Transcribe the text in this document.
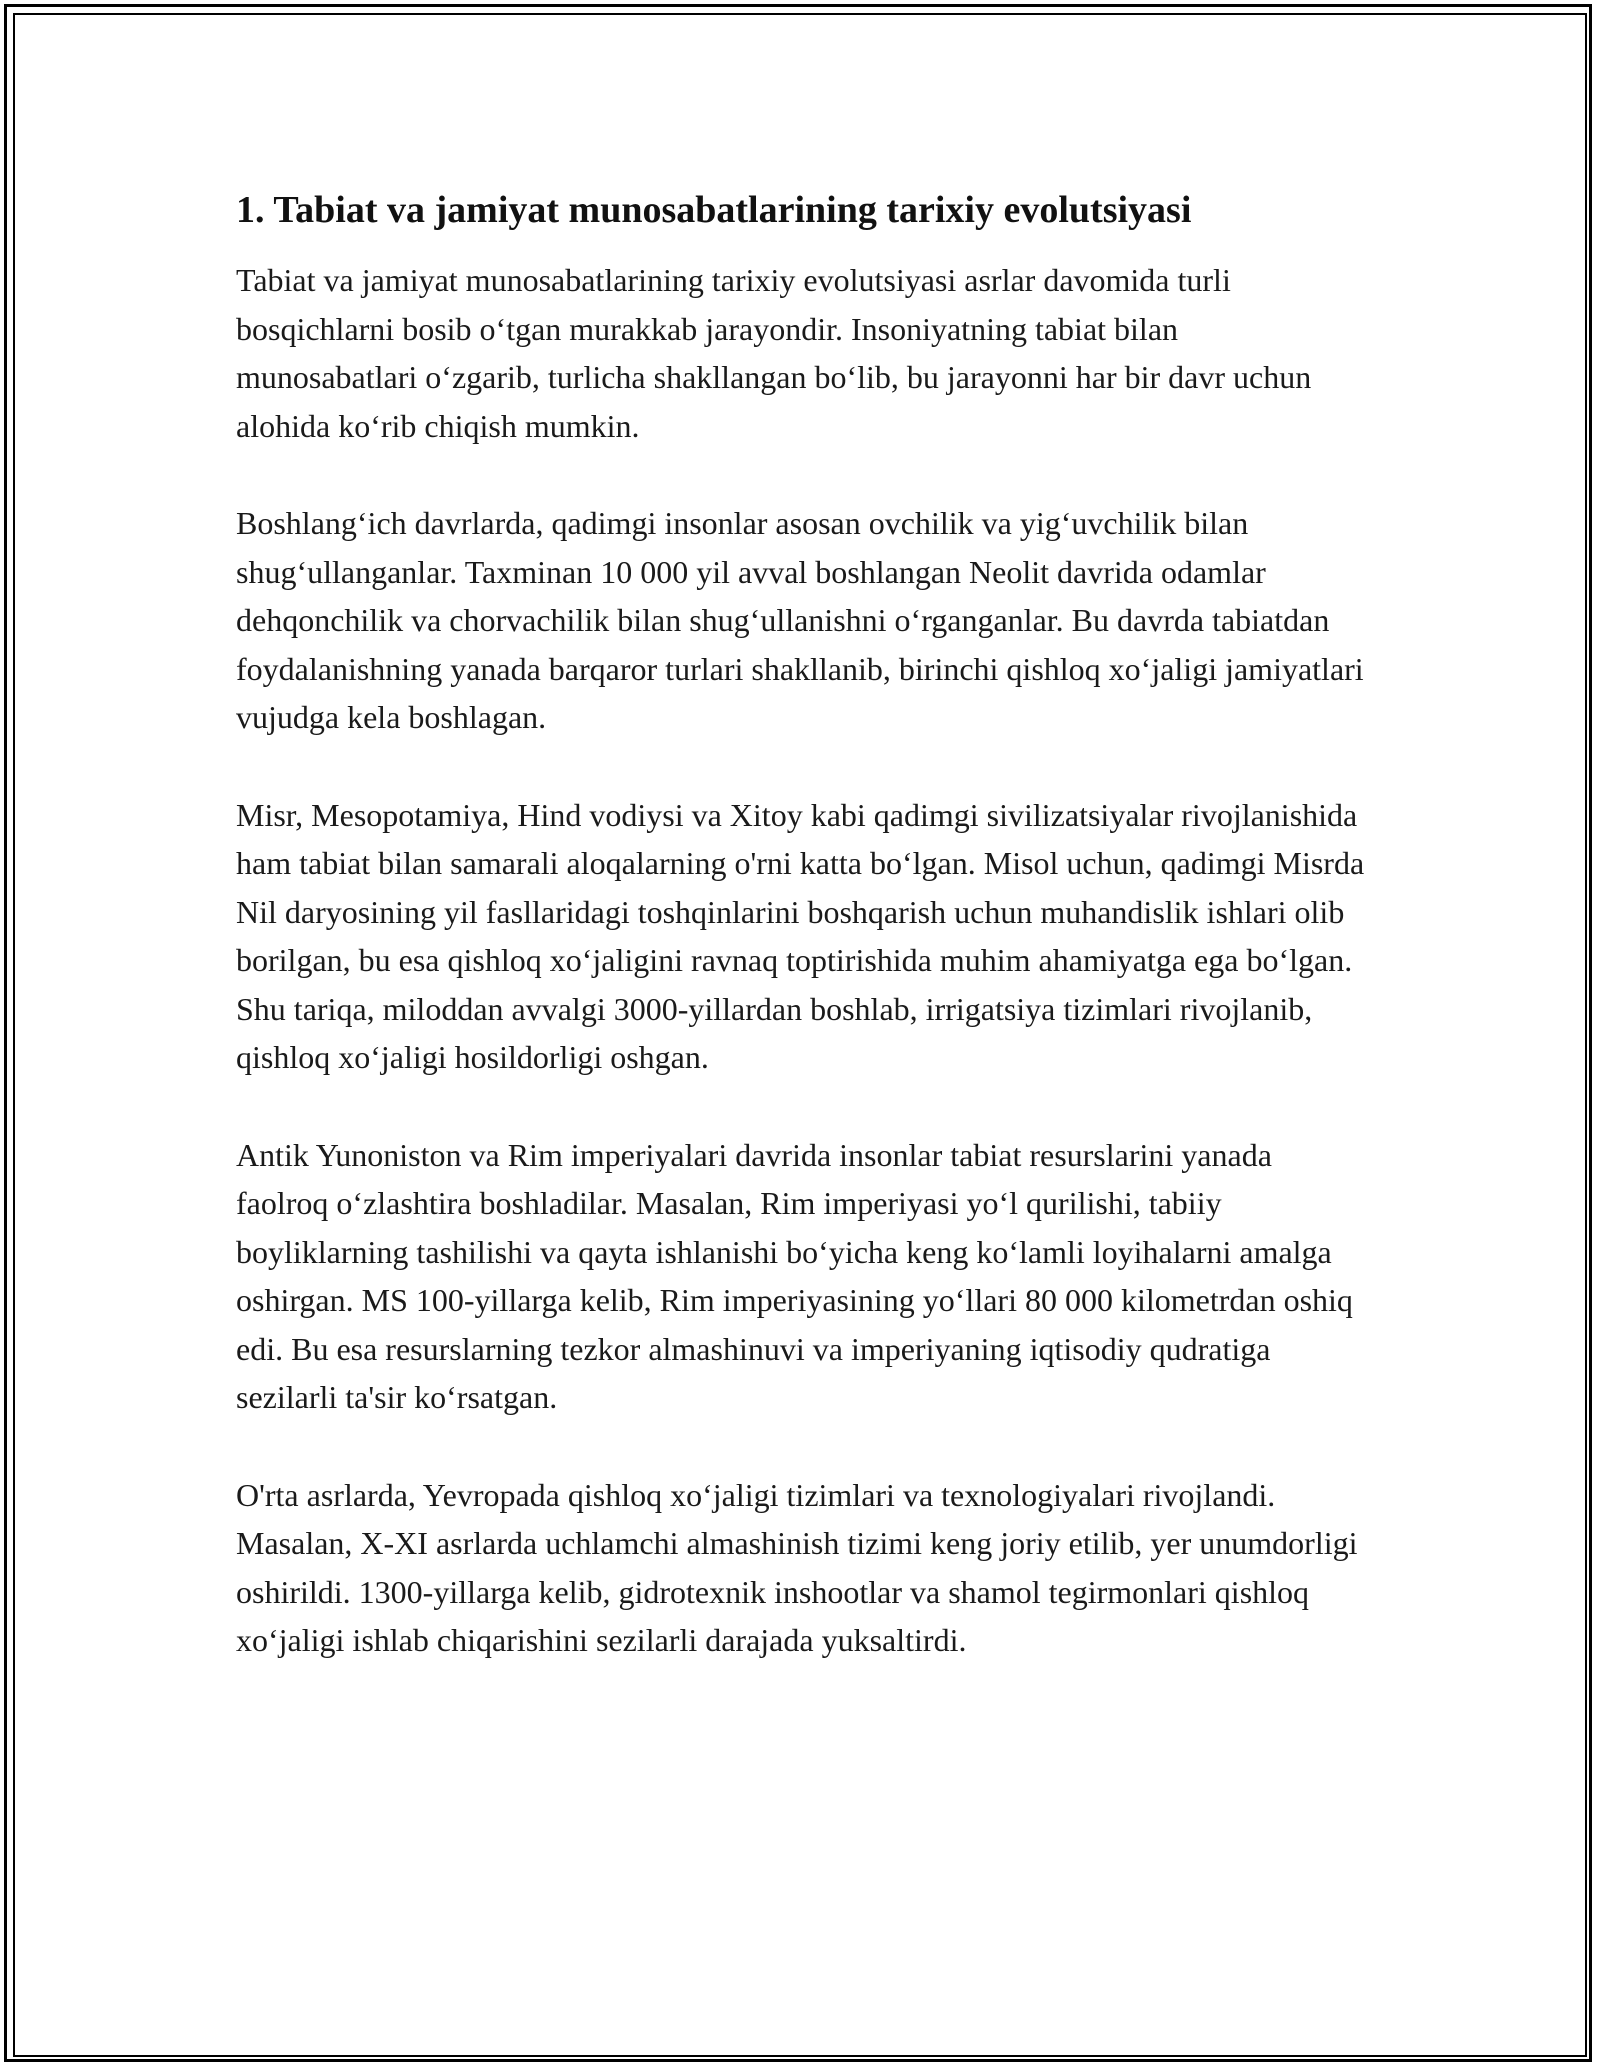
1. Tabiat va jamiyat munosabatlarining tarixiy evolutsiyasi

Tabiat va jamiyat munosabatlarining tarixiy evolutsiyasi asrlar davomida turli bosqichlarni bosib o‘tgan murakkab jarayondir. Insoniyatning tabiat bilan munosabatlari o‘zgarib, turlicha shakllangan bo‘lib, bu jarayonni har bir davr uchun alohida ko‘rib chiqish mumkin.

Boshlang‘ich davrlarda, qadimgi insonlar asosan ovchilik va yig‘uvchilik bilan shug‘ullanganlar. Taxminan 10 000 yil avval boshlangan Neolit davrida odamlar dehqonchilik va chorvachilik bilan shug‘ullanishni o‘rganganlar. Bu davrda tabiatdan foydalanishning yanada barqaror turlari shakllanib, birinchi qishloq xo‘jaligi jamiyatlari vujudga kela boshlagan.

Misr, Mesopotamiya, Hind vodiysi va Xitoy kabi qadimgi sivilizatsiyalar rivojlanishida ham tabiat bilan samarali aloqalarning o'rni katta bo‘lgan. Misol uchun, qadimgi Misrda Nil daryosining yil fasllaridagi toshqinlarini boshqarish uchun muhandislik ishlari olib borilgan, bu esa qishloq xo‘jaligini ravnaq toptirishida muhim ahamiyatga ega bo‘lgan. Shu tariqa, miloddan avvalgi 3000-yillardan boshlab, irrigatsiya tizimlari rivojlanib, qishloq xo‘jaligi hosildorligi oshgan.

Antik Yunoniston va Rim imperiyalari davrida insonlar tabiat resurslarini yanada faolroq o‘zlashtira boshladilar. Masalan, Rim imperiyasi yo‘l qurilishi, tabiiy boyliklarning tashilishi va qayta ishlanishi bo‘yicha keng ko‘lamli loyihalarni amalga oshirgan. MS 100-yillarga kelib, Rim imperiyasining yo‘llari 80 000 kilometrdan oshiq edi. Bu esa resurslarning tezkor almashinuvi va imperiyaning iqtisodiy qudratiga sezilarli ta'sir ko‘rsatgan.

O'rta asrlarda, Yevropada qishloq xo‘jaligi tizimlari va texnologiyalari rivojlandi. Masalan, X-XI asrlarda uchlamchi almashinish tizimi keng joriy etilib, yer unumdorligi oshirildi. 1300-yillarga kelib, gidrotexnik inshootlar va shamol tegirmonlari qishloq xo‘jaligi ishlab chiqarishini sezilarli darajada yuksaltirdi.
